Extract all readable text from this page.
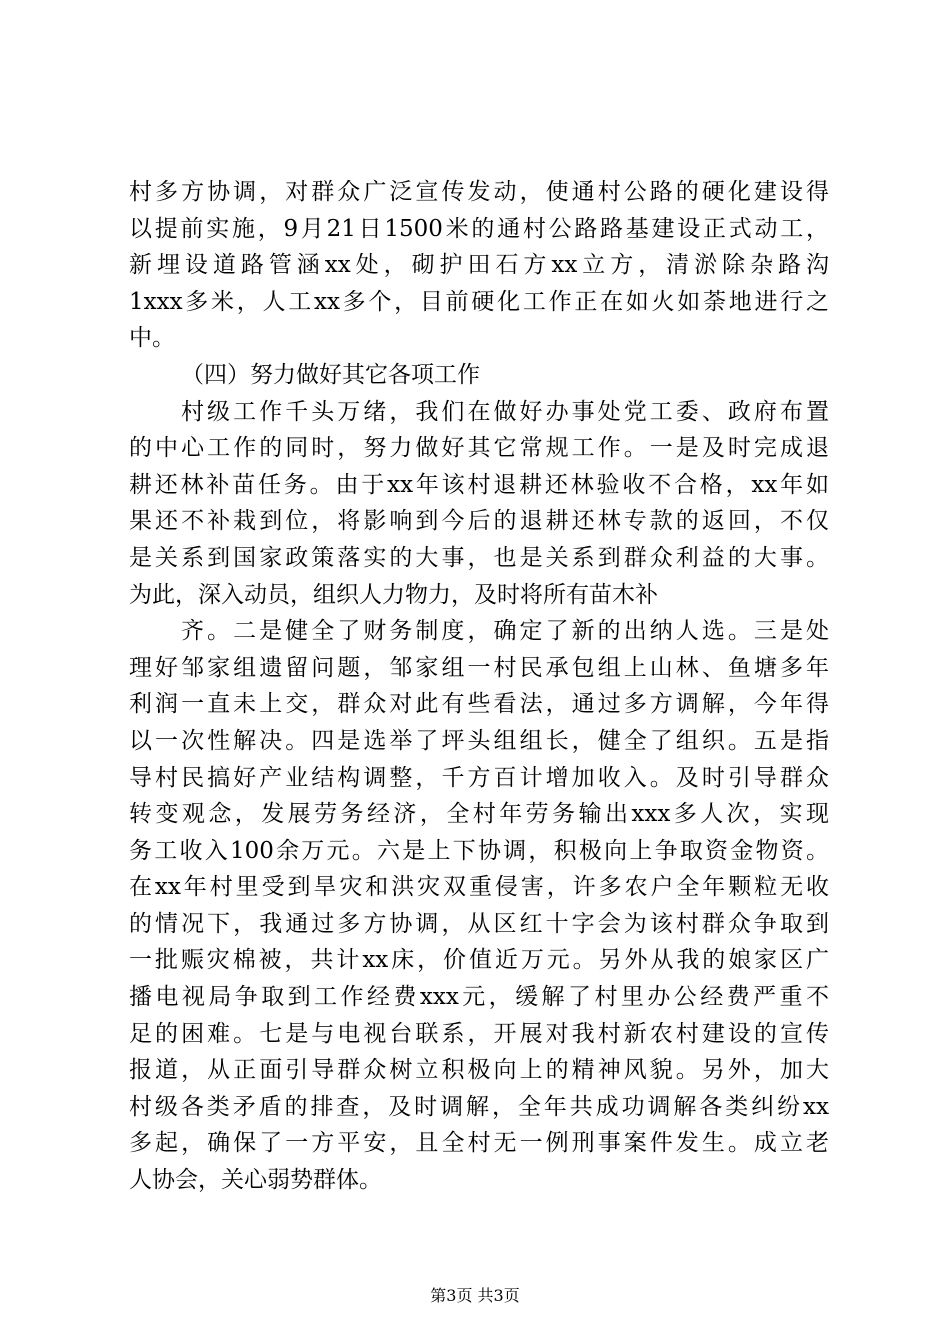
村多方协调，对群众广泛宣传发动，使通村公路的硬化建设得
以提前实施，9月21日1500米的通村公路路基建设正式动工，
新埋设道路管涵xx处，砌护田石方xx立方，清淤除杂路沟
1xxx多米，人工xx多个，目前硬化工作正在如火如荼地进行之
中。
（四）努力做好其它各项工作
村级工作千头万绪，我们在做好办事处党工委、政府布置
的中心工作的同时，努力做好其它常规工作。一是及时完成退
耕还林补苗任务。由于xx年该村退耕还林验收不合格，xx年如
果还不补栽到位，将影响到今后的退耕还林专款的返回，不仅
是关系到国家政策落实的大事，也是关系到群众利益的大事。
为此，深入动员，组织人力物力，及时将所有苗木补
齐。二是健全了财务制度，确定了新的出纳人选。三是处
理好邹家组遗留问题，邹家组一村民承包组上山林、鱼塘多年
利润一直未上交，群众对此有些看法，通过多方调解，今年得
以一次性解决。四是选举了坪头组组长，健全了组织。五是指
导村民搞好产业结构调整，千方百计增加收入。及时引导群众
转变观念，发展劳务经济，全村年劳务输出xxx多人次，实现
务工收入100余万元。六是上下协调，积极向上争取资金物资。
在xx年村里受到旱灾和洪灾双重侵害，许多农户全年颗粒无收
的情况下，我通过多方协调，从区红十字会为该村群众争取到
一批赈灾棉被，共计xx床，价值近万元。另外从我的娘家区广
播电视局争取到工作经费xxx元，缓解了村里办公经费严重不
足的困难。七是与电视台联系，开展对我村新农村建设的宣传
报道，从正面引导群众树立积极向上的精神风貌。另外，加大
村级各类矛盾的排查，及时调解，全年共成功调解各类纠纷xx
多起，确保了一方平安，且全村无一例刑事案件发生。成立老
人协会，关心弱势群体。
第3页 共3页
